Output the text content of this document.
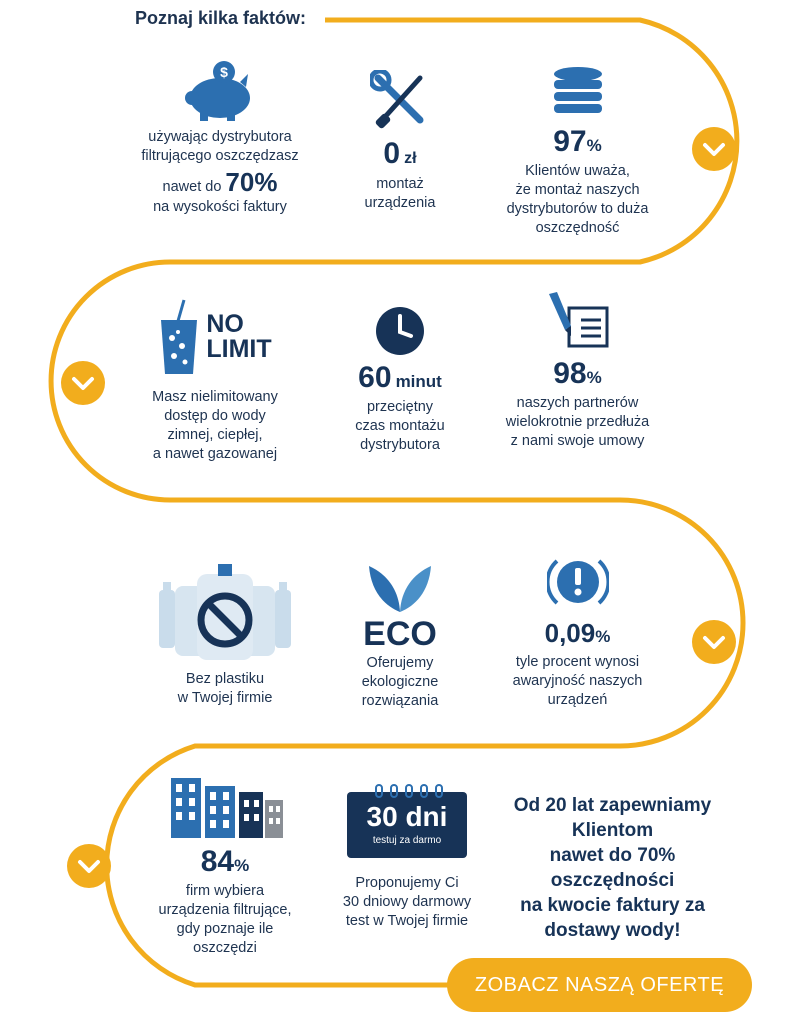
Poznaj kilka faktów:
$
używając dystrybutora
filtrującego oszczędzasz
nawet do 70%
na wysokości faktury
0 zł
montaż
urządzenia
97%
Klientów uważa,
że montaż naszych
dystrybutorów to duża
oszczędność
NO
LIMIT
Masz nielimitowany
dostęp do wody
zimnej, ciepłej,
a nawet gazowanej
60 minut
przeciętny
czas montażu
dystrybutora
98%
naszych partnerów
wielokrotnie przedłuża
z nami swoje umowy
Bez plastiku
w Twojej firmie
ECO
Oferujemy
ekologiczne
rozwiązania
0,09%
tyle procent wynosi
awaryjność naszych
urządzeń
84%
firm wybiera
urządzenia filtrujące,
gdy poznaje ile
oszczędzi
30 dni
testuj za darmo
Proponujemy Ci
30 dniowy darmowy
test w Twojej firmie
Od 20 lat zapewniamy
Klientom
nawet do 70%
oszczędności
na kwocie faktury za
dostawy wody!
ZOBACZ NASZĄ OFERTĘ
